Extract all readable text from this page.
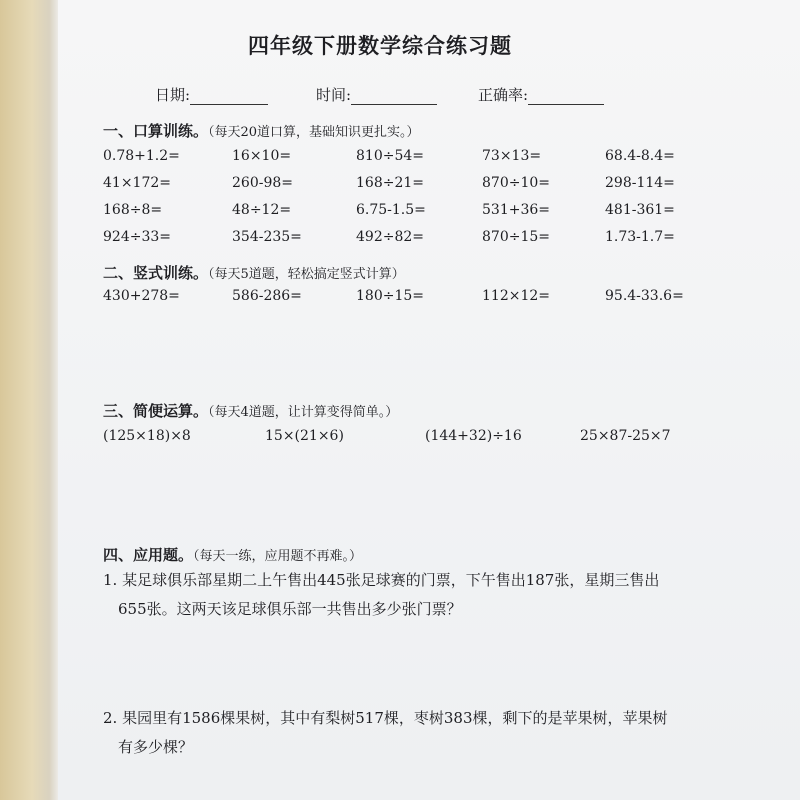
四年级下册数学综合练习题
日期:	时间:	正确率:
一、口算训练。（每天20道口算，基础知识更扎实。）
二、竖式训练。（每天5道题，轻松搞定竖式计算）
三、简便运算。（每天4道题，让计算变得简单。）
四、应用题。（每天一练，应用题不再难。）
1. 某足球俱乐部星期二上午售出445张足球赛的门票，下午售出187张，星期三售出
655张。这两天该足球俱乐部一共售出多少张门票？
2. 果园里有1586棵果树，其中有梨树517棵，枣树383棵，剩下的是苹果树，苹果树
有多少棵？
0.78+1.2=	16×10=	810÷54=	73×13=	68.4-8.4=
41×172=	260-98=	168÷21=	870÷10=	298-114=
168÷8=	48÷12=	6.75-1.5=	531+36=	481-361=
924÷33=	354-235=	492÷82=	870÷15=	1.73-1.7=
430+278=	586-286=	180÷15=	112×12=	95.4-33.6=
(125×18)×8	15×(21×6)	(144+32)÷16	25×87-25×7
